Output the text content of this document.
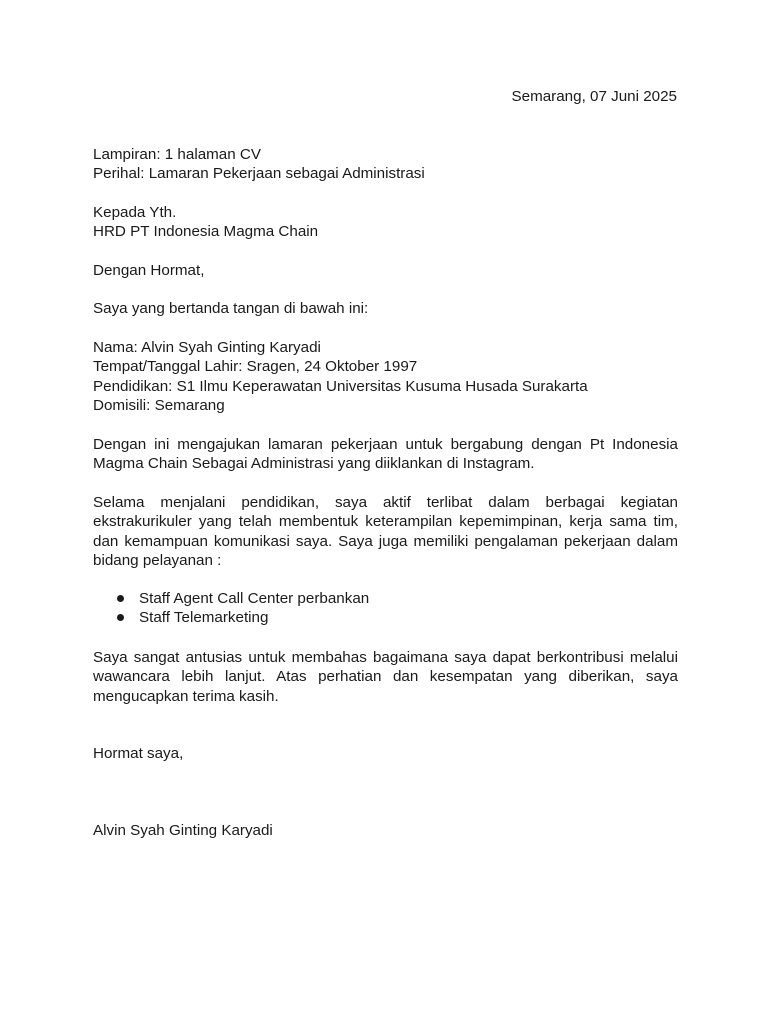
Semarang, 07 Juni 2025
Lampiran: 1 halaman CV
Perihal: Lamaran Pekerjaan sebagai Administrasi
Kepada Yth.
HRD PT Indonesia Magma Chain
Dengan Hormat,
Saya yang bertanda tangan di bawah ini:
Nama: Alvin Syah Ginting Karyadi
Tempat/Tanggal Lahir: Sragen, 24 Oktober 1997
Pendidikan: S1 Ilmu Keperawatan Universitas Kusuma Husada Surakarta
Domisili: Semarang
Dengan ini mengajukan lamaran pekerjaan untuk bergabung dengan Pt Indonesia Magma Chain Sebagai Administrasi yang diiklankan di Instagram.
Selama menjalani pendidikan, saya aktif terlibat dalam berbagai kegiatan ekstrakurikuler yang telah membentuk keterampilan kepemimpinan, kerja sama tim, dan kemampuan komunikasi saya. Saya juga memiliki pengalaman pekerjaan dalam bidang pelayanan :
Staff Agent Call Center perbankan
Staff Telemarketing
Saya sangat antusias untuk membahas bagaimana saya dapat berkontribusi melalui wawancara lebih lanjut. Atas perhatian dan kesempatan yang diberikan, saya mengucapkan terima kasih.
Hormat saya,
Alvin Syah Ginting Karyadi
